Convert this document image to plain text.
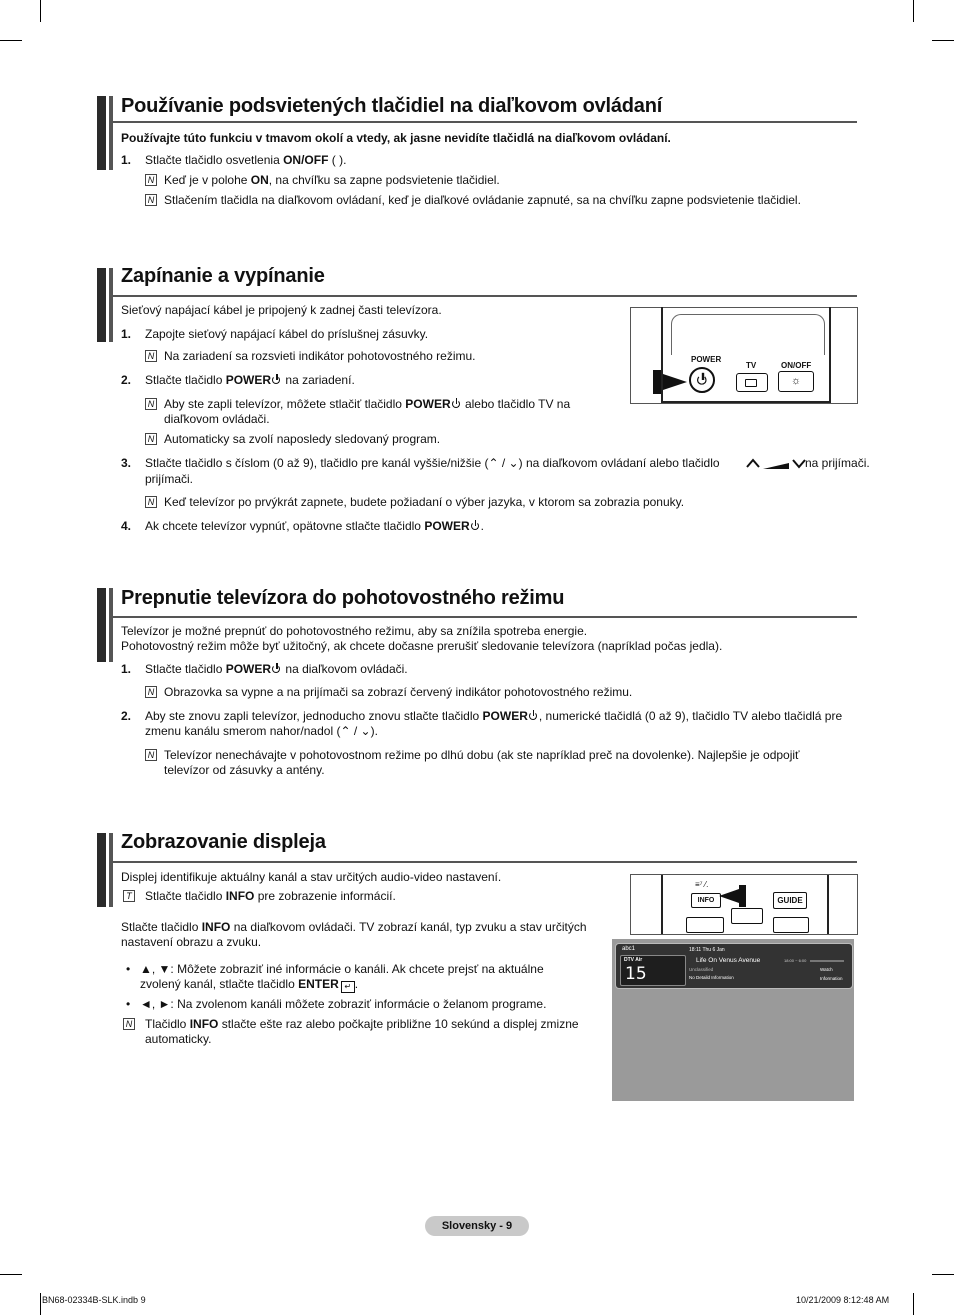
Používanie podsvietených tlačidiel na diaľkovom ovládaní
Používajte túto funkciu v tmavom okolí a vtedy, ak jasne nevidíte tlačidlá na diaľkovom ovládaní.
1. Stlačte tlačidlo osvetlenia ON/OFF ( ).
N Keď je v polohe ON, na chvíľku sa zapne podsvietenie tlačidiel.
N Stlačením tlačidla na diaľkovom ovládaní, keď je diaľkové ovládanie zapnuté, sa na chvíľku zapne podsvietenie tlačidiel.
Zapínanie a vypínanie
Sieťový napájací kábel je pripojený k zadnej časti televízora.
1. Zapojte sieťový napájací kábel do príslušnej zásuvky.
N Na zariadení sa rozsvieti indikátor pohotovostného režimu.
2. Stlačte tlačidlo POWER na zariadení.
N Aby ste zapli televízor, môžete stlačiť tlačidlo POWER alebo tlačidlo TV na diaľkovom ovládači.
N Automaticky sa zvolí naposledy sledovaný program.
3. Stlačte tlačidlo s číslom (0 až 9), tlačidlo pre kanál vyššie/nižšie (⌃ / ⌄) na diaľkovom ovládaní alebo tlačidlo	na prijímači.
prijímači.
N Keď televízor po prvýkrát zapnete, budete požiadaní o výber jazyka, v ktorom sa zobrazia ponuky.
4. Ak chcete televízor vypnúť, opätovne stlačte tlačidlo POWER .
POWER
TV	ON/OFF
☼
Prepnutie televízora do pohotovostného režimu
Televízor je možné prepnúť do pohotovostného režimu, aby sa znížila spotreba energie.
Pohotovostný režim môže byť užitočný, ak chcete dočasne prerušiť sledovanie televízora (napríklad počas jedla).
1. Stlačte tlačidlo POWER na diaľkovom ovládači.
N Obrazovka sa vypne a na prijímači sa zobrazí červený indikátor pohotovostného režimu.
2. Aby ste znovu zapli televízor, jednoducho znovu stlačte tlačidlo POWER , numerické tlačidlá (0 až 9), tlačidlo TV alebo tlačidlá pre zmenu kanálu smerom nahor/nadol (⌃ / ⌄).
N Televízor nenechávajte v pohotovostnom režime po dlhú dobu (ak ste napríklad preč na dovolenke). Najlepšie je odpojiť televízor od zásuvky a antény.
Zobrazovanie displeja
Displej identifikuje aktuálny kanál a stav určitých audio-video nastavení.
T Stlačte tlačidlo INFO pre zobrazenie informácií.
Stlačte tlačidlo INFO na diaľkovom ovládači. TV zobrazí kanál, typ zvuku a stav určitých nastavení obrazu a zvuku.
• ▲, ▼: Môžete zobraziť iné informácie o kanáli. Ak chcete prejsť na aktuálne zvolený kanál, stlačte tlačidlo ENTER ↵ .
• ◄, ►: Na zvolenom kanáli môžete zobraziť informácie o želanom programe.
N Tlačidlo INFO stlačte ešte raz alebo počkajte približne 10 sekúnd a displej zmizne automaticky.
≡⁷ ⁄.
INFO	GUIDE
abc1
DTV Air
15
18:11 Thu 6 Jan
Life On Venus Avenue
Unclassified
No Detaild Information
18:00 ~ 6:00
Watch
Information
Slovensky - 9
BN68-02334B-SLK.indb 9	10/21/2009 8:12:48 AM
